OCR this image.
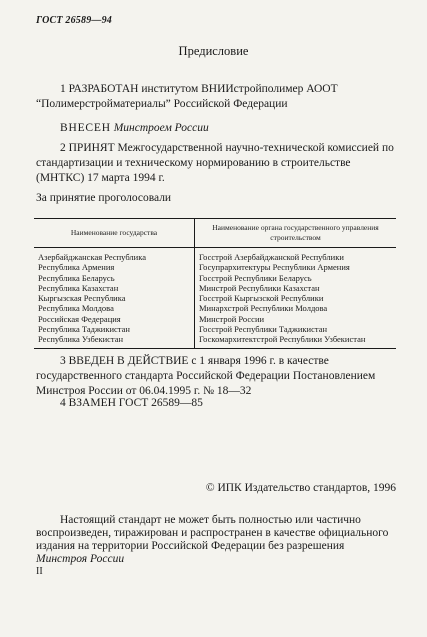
ГОСТ 26589—94
Предисловие
1 РАЗРАБОТАН институтом ВНИИстройполимер АООТ “Полимерстройматериалы” Российской Федерации
ВНЕСЕН Минстроем России
2 ПРИНЯТ Межгосударственной научно-технической комиссией по стандартизации и техническому нормированию в строительстве (МНТКС) 17 марта 1994 г.
За принятие проголосовали
Наименование государства	Наименование органа государственного управления строительством
Азербайджанская Республика	Госстрой Азербайджанской Республики
Республика Армения	Госупрархитектуры Республики Армения
Республика Беларусь	Госстрой Республики Беларусь
Республика Казахстан	Минстрой Республики Казахстан
Кыргызская Республика	Госстрой Кыргызской Республики
Республика Молдова	Минархстрой Республики Молдова
Российская Федерация	Минстрой России
Республика Таджикистан	Госстрой Республики Таджикистан
Республика Узбекистан	Госкомархитектстрой Республики Узбекистан
3 ВВЕДЕН В ДЕЙСТВИЕ с 1 января 1996 г. в качестве государственного стандарта Российской Федерации Постановлением Минстроя России от 06.04.1995 г. № 18—32
4 ВЗАМЕН ГОСТ 26589—85
© ИПК Издательство стандартов, 1996
Настоящий стандарт не может быть полностью или частично воспроизведен, тиражирован и распространен в качестве официального издания на территории Российской Федерации без разрешения Минстроя России
II
